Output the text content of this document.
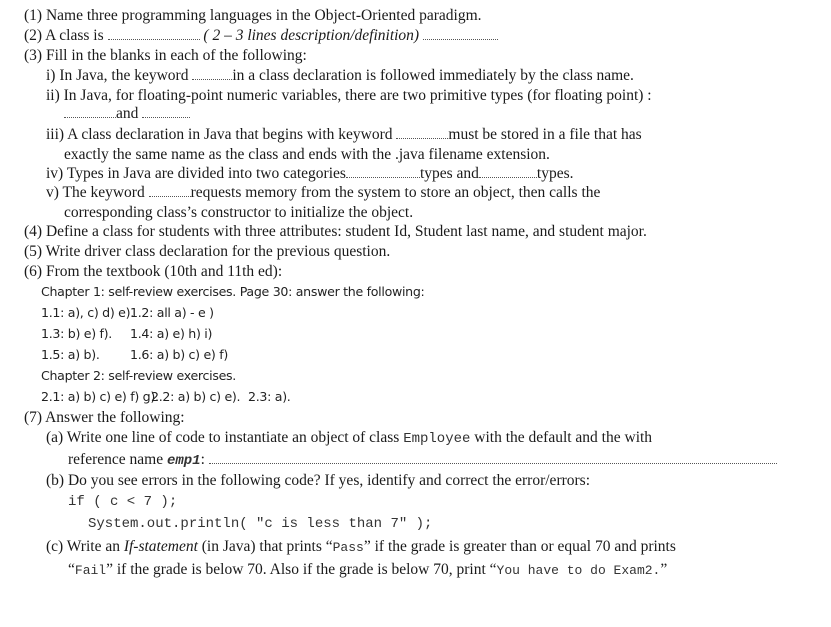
(1) Name three programming languages in the Object-Oriented paradigm.
(2) A class is	( 2 – 3 lines description/definition)
(3) Fill in the blanks in each of the following:
i) In Java, the keyword	in a class declaration is followed immediately by the class name.
ii) In Java, for floating-point numeric variables, there are two primitive types (for floating point) :
and
iii) A class declaration in Java that begins with keyword	must be stored in a file that has
exactly the same name as the class and ends with the .java filename extension.
iv) Types in Java are divided into two categories	types and	types.
v) The keyword	requests memory from the system to store an object, then calls the
corresponding class’s constructor to initialize the object.
(4) Define a class for students with three attributes: student Id, Student last name, and student major.
(5) Write driver class declaration for the previous question.
(6) From the textbook (10th and 11th ed):
Chapter 1: self-review exercises. Page 30: answer the following:
1.1: a), c) d) e).
1.2: all a) - e )
1.3: b) e) f). 1.4: a) e) h) i)
1.5: a) b). 1.6: a) b) c) e) f)
Chapter 2: self-review exercises.
2.1: a) b) c) e) f) g).
2.2: a) b) c) e). 2.3: a).
(7) Answer the following:
(a) Write one line of code to instantiate an object of class Employee with the default and the with
reference name emp1:
(b) Do you see errors in the following code? If yes, identify and correct the error/errors:
if ( c < 7 );
System.out.println( "c is less than 7" );
(c) Write an If-statement (in Java) that prints “Pass” if the grade is greater than or equal 70 and prints
“Fail” if the grade is below 70. Also if the grade is below 70, print “You have to do Exam2.”
